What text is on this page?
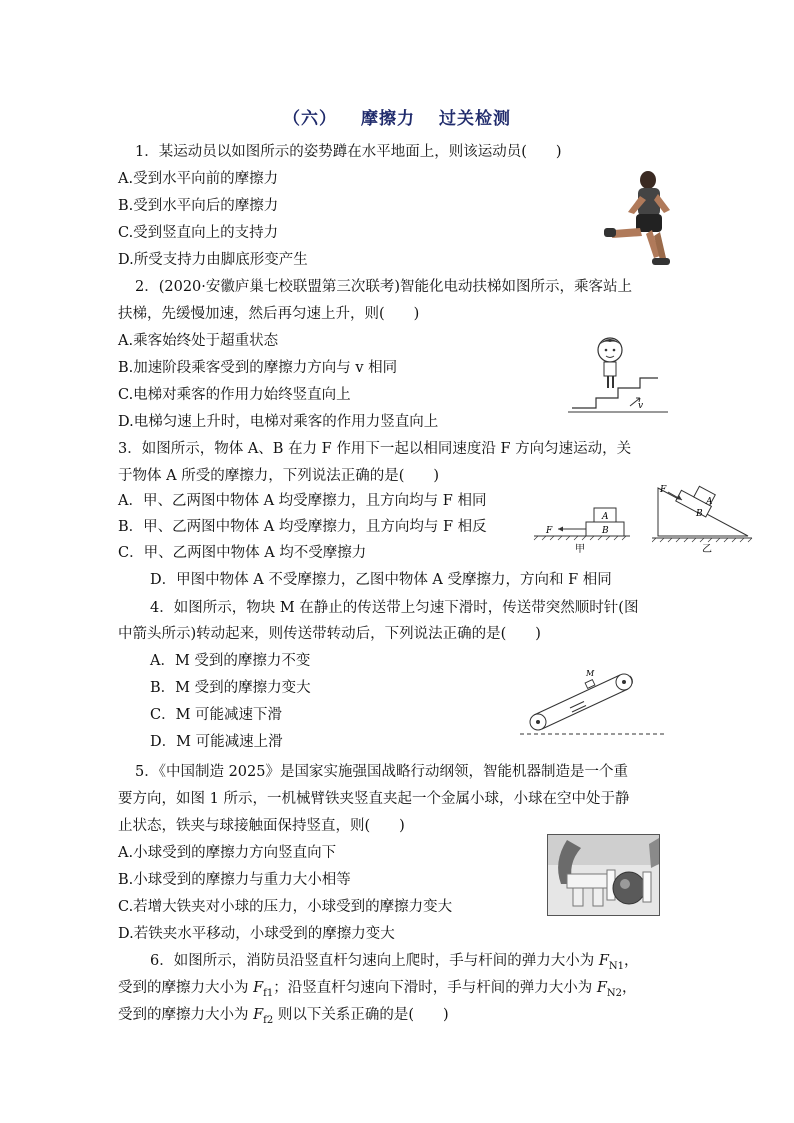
（六） 摩擦力 过关检测
1．某运动员以如图所示的姿势蹲在水平地面上，则该运动员(　　)
A.受到水平向前的摩擦力
B.受到水平向后的摩擦力
C.受到竖直向上的支持力
D.所受支持力由脚底形变产生
2．(2020·安徽庐巢七校联盟第三次联考)智能化电动扶梯如图所示，乘客站上
扶梯，先缓慢加速，然后再匀速上升，则(　　)
A.乘客始终处于超重状态
B.加速阶段乘客受到的摩擦力方向与 v 相同
C.电梯对乘客的作用力始终竖直向上
D.电梯匀速上升时，电梯对乘客的作用力竖直向上
v
3．如图所示，物体 A、B 在力 F 作用下一起以相同速度沿 F 方向匀速运动，关
于物体 A 所受的摩擦力，下列说法正确的是(　　)
A．甲、乙两图中物体 A 均受摩擦力，且方向均与 F 相同
B．甲、乙两图中物体 A 均受摩擦力，且方向均与 F 相反
C．甲、乙两图中物体 A 均不受摩擦力
D．甲图中物体 A 不受摩擦力，乙图中物体 A 受摩擦力，方向和 F 相同
A
B
F
甲
A
B
F
乙
4．如图所示，物块 M 在静止的传送带上匀速下滑时，传送带突然顺时针(图
中箭头所示)转动起来，则传送带转动后，下列说法正确的是(　　)
A．M 受到的摩擦力不变
B．M 受到的摩擦力变大
C．M 可能减速下滑
D．M 可能减速上滑
M
5．《中国制造 2025》是国家实施强国战略行动纲领，智能机器制造是一个重
要方向，如图 1 所示，一机械臂铁夹竖直夹起一个金属小球，小球在空中处于静
止状态，铁夹与球接触面保持竖直，则(　　)
A.小球受到的摩擦力方向竖直向下
B.小球受到的摩擦力与重力大小相等
C.若增大铁夹对小球的压力，小球受到的摩擦力变大
D.若铁夹水平移动，小球受到的摩擦力变大
6．如图所示，消防员沿竖直杆匀速向上爬时，手与杆间的弹力大小为 $F_{N1}$，
受到的摩擦力大小为 $F_{f1}$；沿竖直杆匀速向下滑时，手与杆间的弹力大小为 $F_{N2}$，
受到的摩擦力大小为 $F_{f2}$ 则以下关系正确的是(　　)
